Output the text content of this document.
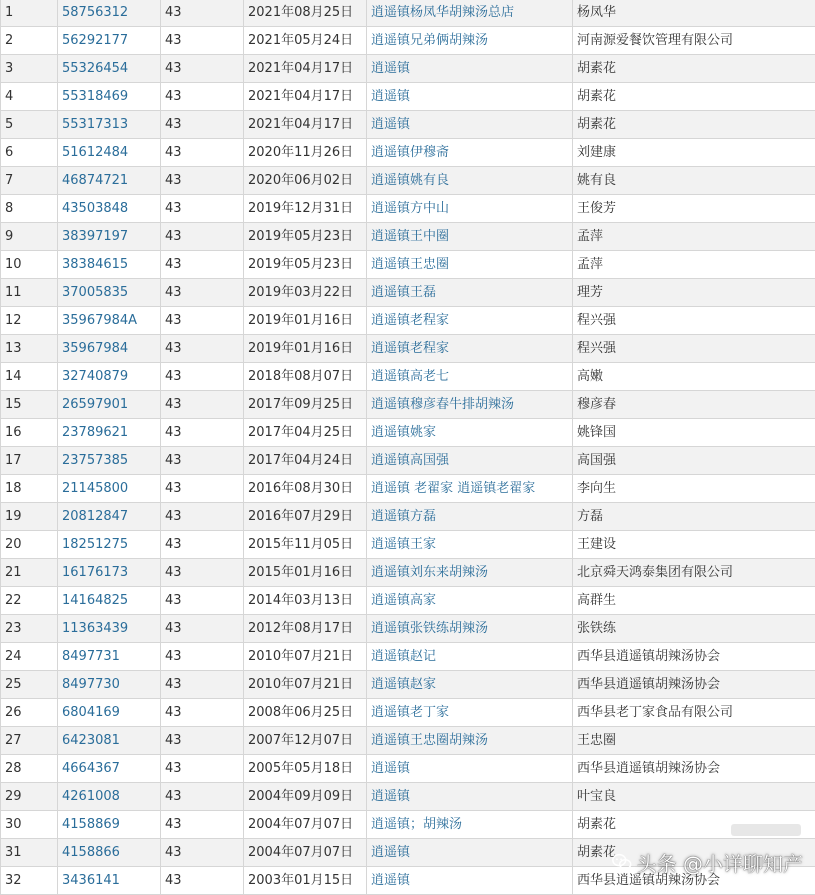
1	58756312	43	2021年08月25日	逍遥镇杨凤华胡辣汤总店	杨凤华
2	56292177	43	2021年05月24日	逍遥镇兄弟俩胡辣汤	河南源爱餐饮管理有限公司
3	55326454	43	2021年04月17日	逍遥镇	胡素花
4	55318469	43	2021年04月17日	逍遥镇	胡素花
5	55317313	43	2021年04月17日	逍遥镇	胡素花
6	51612484	43	2020年11月26日	逍遥镇伊穆斋	刘建康
7	46874721	43	2020年06月02日	逍遥镇姚有良	姚有良
8	43503848	43	2019年12月31日	逍遥镇方中山	王俊芳
9	38397197	43	2019年05月23日	逍遥镇王中圈	孟萍
10	38384615	43	2019年05月23日	逍遥镇王忠圈	孟萍
11	37005835	43	2019年03月22日	逍遥镇王磊	理芳
12	35967984A	43	2019年01月16日	逍遥镇老程家	程兴强
13	35967984	43	2019年01月16日	逍遥镇老程家	程兴强
14	32740879	43	2018年08月07日	逍遥镇高老七	高嫩
15	26597901	43	2017年09月25日	逍遥镇穆彦春牛排胡辣汤	穆彦春
16	23789621	43	2017年04月25日	逍遥镇姚家	姚锋国
17	23757385	43	2017年04月24日	逍遥镇高国强	高国强
18	21145800	43	2016年08月30日	逍遥镇 老翟家 逍遥镇老翟家	李向生
19	20812847	43	2016年07月29日	逍遥镇方磊	方磊
20	18251275	43	2015年11月05日	逍遥镇王家	王建设
21	16176173	43	2015年01月16日	逍遥镇刘东来胡辣汤	北京舜天鸿泰集团有限公司
22	14164825	43	2014年03月13日	逍遥镇高家	高群生
23	11363439	43	2012年08月17日	逍遥镇张铁练胡辣汤	张铁练
24	8497731	43	2010年07月21日	逍遥镇赵记	西华县逍遥镇胡辣汤协会
25	8497730	43	2010年07月21日	逍遥镇赵家	西华县逍遥镇胡辣汤协会
26	6804169	43	2008年06月25日	逍遥镇老丁家	西华县老丁家食品有限公司
27	6423081	43	2007年12月07日	逍遥镇王忠圈胡辣汤	王忠圈
28	4664367	43	2005年05月18日	逍遥镇	西华县逍遥镇胡辣汤协会
29	4261008	43	2004年09月09日	逍遥镇	叶宝良
30	4158869	43	2004年07月07日	逍遥镇；胡辣汤	胡素花
31	4158866	43	2004年07月07日	逍遥镇	胡素花
32	3436141	43	2003年01月15日	逍遥镇	西华县逍遥镇胡辣汤协会
头条 @小详聊知产
